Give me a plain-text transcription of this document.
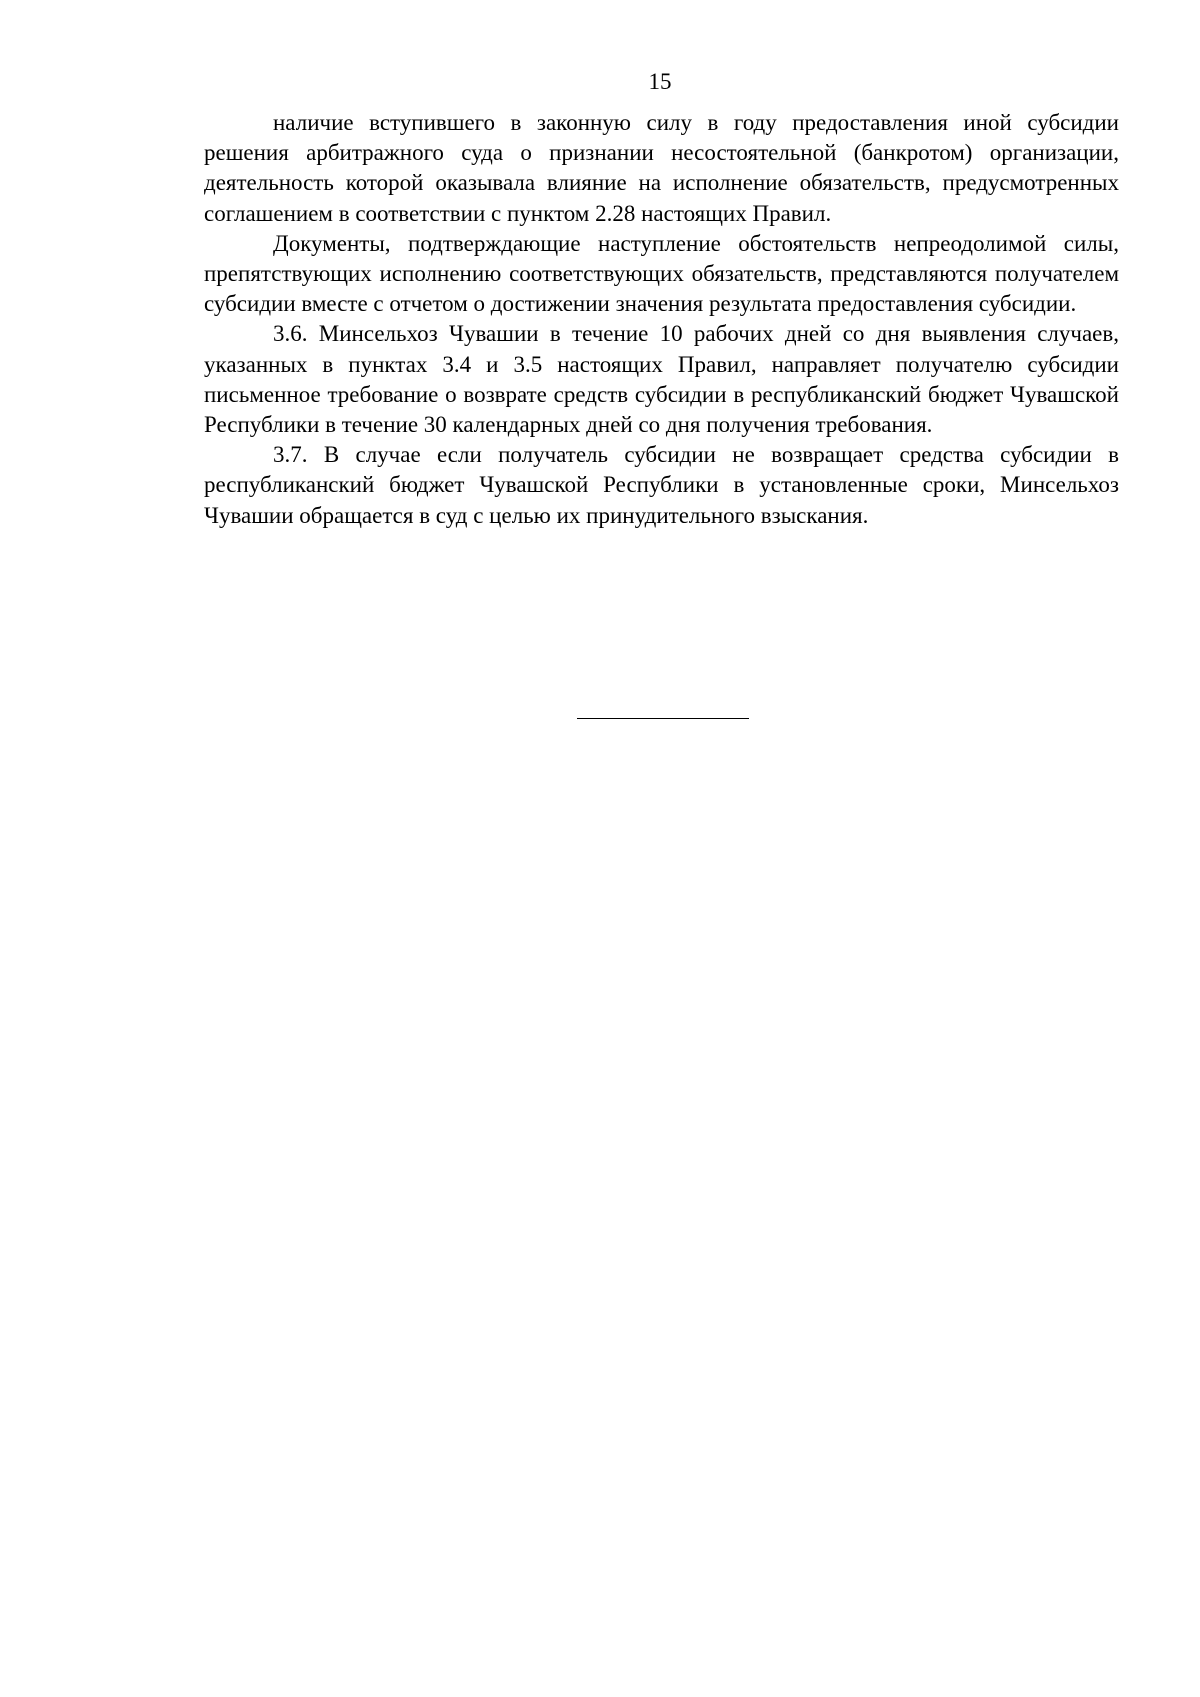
15

наличие вступившего в законную силу в году предоставления иной субсидии решения арбитражного суда о признании несостоятельной (банкротом) организации, деятельность которой оказывала влияние на исполнение обязательств, предусмотренных соглашением в соответствии с пунктом 2.28 настоящих Правил.

Документы, подтверждающие наступление обстоятельств непреодолимой силы, препятствующих исполнению соответствующих обязательств, представляются получателем субсидии вместе с отчетом о достижении значения результата предоставления субсидии.

3.6. Минсельхоз Чувашии в течение 10 рабочих дней со дня выявления случаев, указанных в пунктах 3.4 и 3.5 настоящих Правил, направляет получателю субсидии письменное требование о возврате средств субсидии в республиканский бюджет Чувашской Республики в течение 30 календарных дней со дня получения требования.

3.7. В случае если получатель субсидии не возвращает средства субсидии в республиканский бюджет Чувашской Республики в установленные сроки, Минсельхоз Чувашии обращается в суд с целью их принудительного взыскания.
